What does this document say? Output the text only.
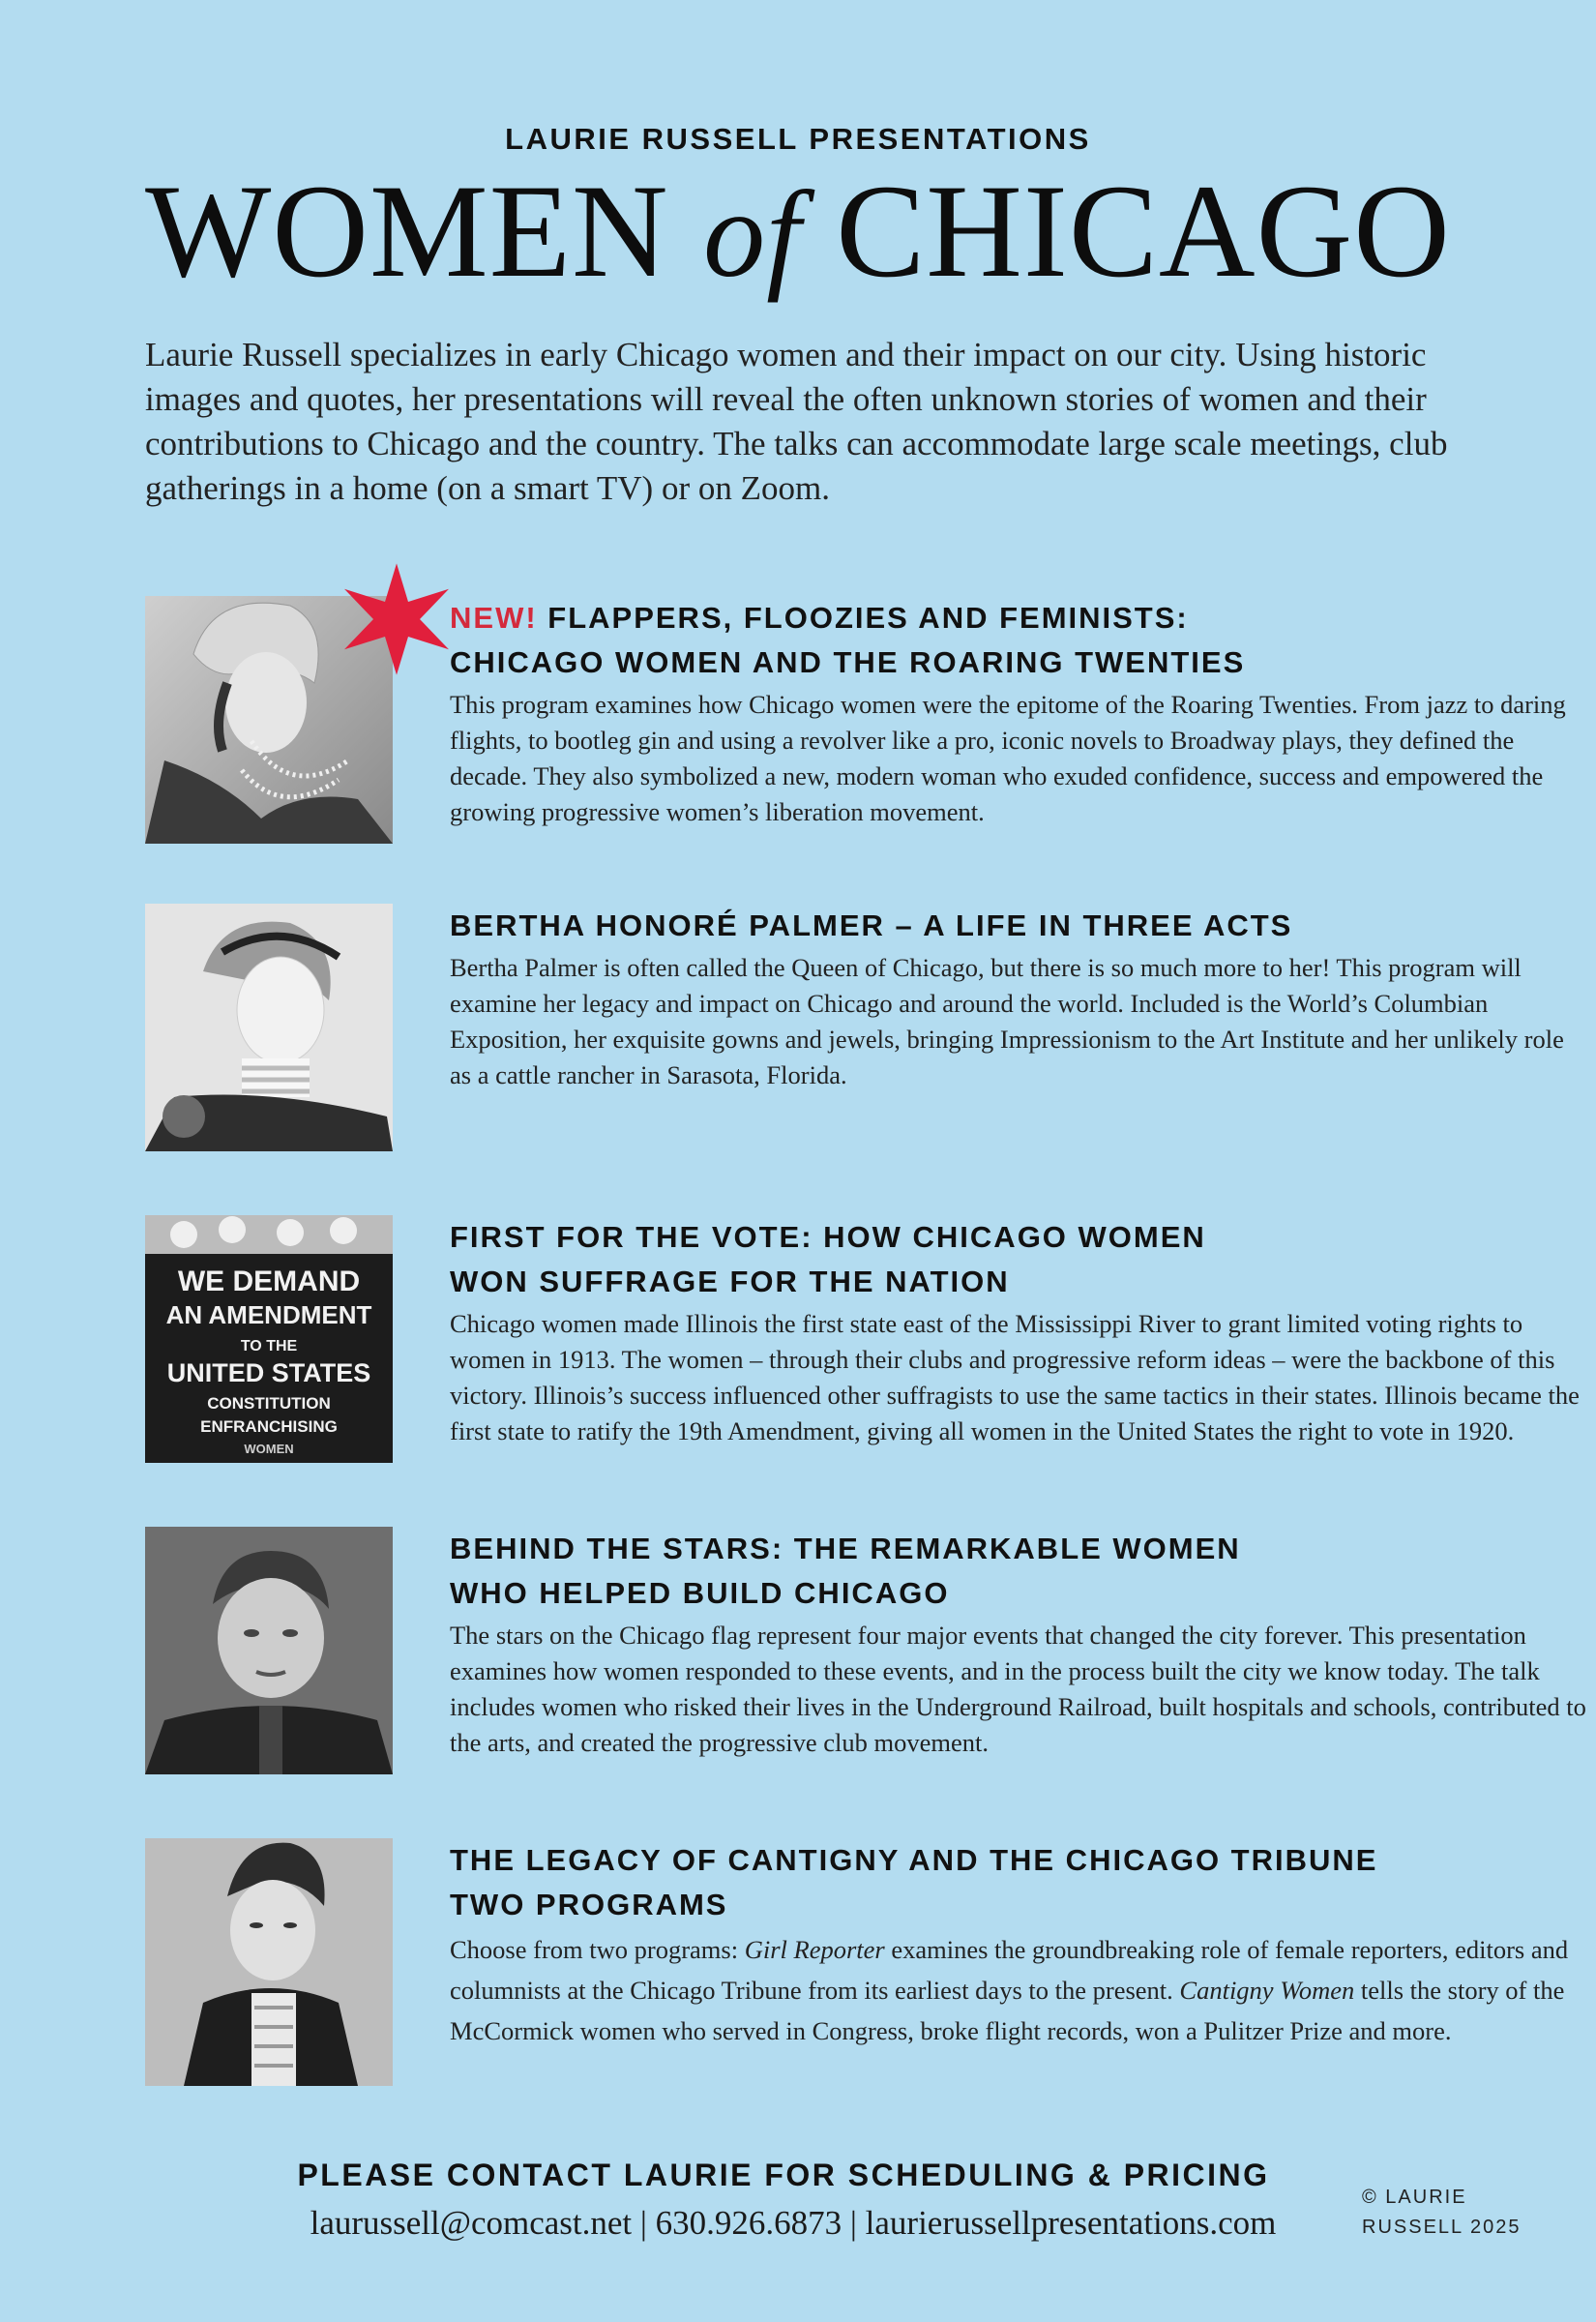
LAURIE RUSSELL PRESENTATIONS
WOMEN of CHICAGO
Laurie Russell specializes in early Chicago women and their impact on our city. Using historic images and quotes, her presentations will reveal the often unknown stories of women and their contributions to Chicago and the country. The talks can accommodate large scale meetings, club gatherings in a home (on a smart TV) or on Zoom.
NEW! FLAPPERS, FLOOZIES AND FEMINISTS:
CHICAGO WOMEN AND THE ROARING TWENTIES
This program examines how Chicago women were the epitome of the Roaring Twenties. From jazz to daring flights, to bootleg gin and using a revolver like a pro, iconic novels to Broadway plays, they defined the decade. They also symbolized a new, modern woman who exuded confidence, success and empowered the growing progressive women’s liberation movement.
BERTHA HONORÉ PALMER – A LIFE IN THREE ACTS
Bertha Palmer is often called the Queen of Chicago, but there is so much more to her! This program will examine her legacy and impact on Chicago and around the world. Included is the World’s Columbian Exposition, her exquisite gowns and jewels, bringing Impressionism to the Art Institute and her unlikely role as a cattle rancher in Sarasota, Florida.
WE DEMAND
AN AMENDMENT
TO THE
UNITED STATES
CONSTITUTION
ENFRANCHISING
WOMEN
FIRST FOR THE VOTE: HOW CHICAGO WOMEN
WON SUFFRAGE FOR THE NATION
Chicago women made Illinois the first state east of the Mississippi River to grant limited voting rights to women in 1913. The women – through their clubs and progressive reform ideas – were the backbone of this victory. Illinois’s success influenced other suffragists to use the same tactics in their states. Illinois became the first state to ratify the 19th Amendment, giving all women in the United States the right to vote in 1920.
BEHIND THE STARS: THE REMARKABLE WOMEN
WHO HELPED BUILD CHICAGO
The stars on the Chicago flag represent four major events that changed the city forever. This presentation examines how women responded to these events, and in the process built the city we know today. The talk includes women who risked their lives in the Underground Railroad, built hospitals and schools, contributed to the arts, and created the progressive club movement.
THE LEGACY OF CANTIGNY AND THE CHICAGO TRIBUNE
TWO PROGRAMS
Choose from two programs: Girl Reporter examines the groundbreaking role of female reporters, editors and columnists at the Chicago Tribune from its earliest days to the present. Cantigny Women tells the story of the McCormick women who served in Congress, broke flight records, won a Pulitzer Prize and more.
PLEASE CONTACT LAURIE FOR SCHEDULING & PRICING
laurussell@comcast.net | 630.926.6873 | laurierussellpresentations.com
© LAURIE
RUSSELL 2025
